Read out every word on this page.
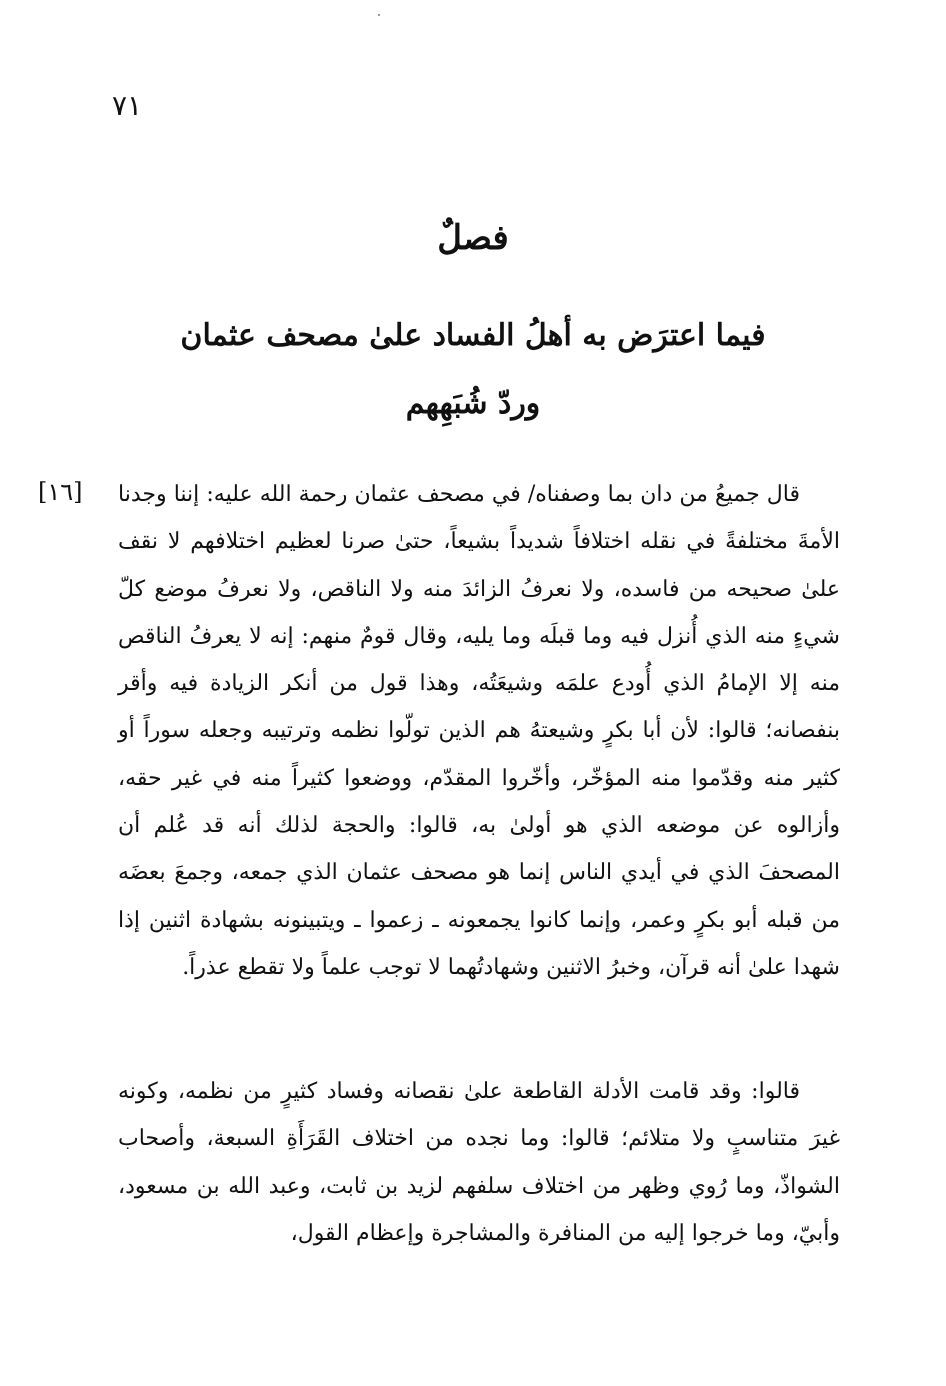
٧١
فصلٌ
فيما اعترَض به أهلُ الفساد علىٰ مصحف عثمان
وردّ شُبَهِهم
[١٦] قال جميعُ من دان بما وصفناه/ في مصحف عثمان رحمة الله عليه: إننا وجدنا الأمةَ مختلفةً في نقله اختلافاً شديداً بشيعاً، حتىٰ صرنا لعظيم اختلافهم لا نقف علىٰ صحيحه من فاسده، ولا نعرفُ الزائدَ منه ولا الناقص، ولا نعرفُ موضع كلّ شيءٍ منه الذي أُنزل فيه وما قبلَه وما يليه، وقال قومٌ منهم: إنه لا يعرفُ الناقص منه إلا الإمامُ الذي أُودع علمَه وشيعَتُه، وهذا قول من أنكر الزيادة فيه وأقر بنفصانه؛ قالوا: لأن أبا بكرٍ وشيعتهُ هم الذين تولّوا نظمه وترتيبه وجعله سوراً أو كثير منه وقدّموا منه المؤخّر، وأخّروا المقدّم، ووضعوا كثيراً منه في غير حقه، وأزالوه عن موضعه الذي هو أولىٰ به، قالوا: والحجة لذلك أنه قد عُلم أن المصحفَ الذي في أيدي الناس إنما هو مصحف عثمان الذي جمعه، وجمعَ بعضَه من قبله أبو بكرٍ وعمر، وإنما كانوا يجمعونه ـ زعموا ـ ويتبينونه بشهادة اثنين إذا شهدا علىٰ أنه قرآن، وخبرُ الاثنين وشهادتُهما لا توجب علماً ولا تقطع عذراً.

قالوا: وقد قامت الأدلة القاطعة علىٰ نقصانه وفساد كثيرٍ من نظمه، وكونه غيرَ متناسبٍ ولا متلائم؛ قالوا: وما نجده من اختلاف القَرَأَةِ السبعة، وأصحاب الشواذّ، وما رُوي وظهر من اختلاف سلفهم لزيد بن ثابت، وعبد الله بن مسعود، وأبيّ، وما خرجوا إليه من المنافرة والمشاجرة وإعظام القول،
